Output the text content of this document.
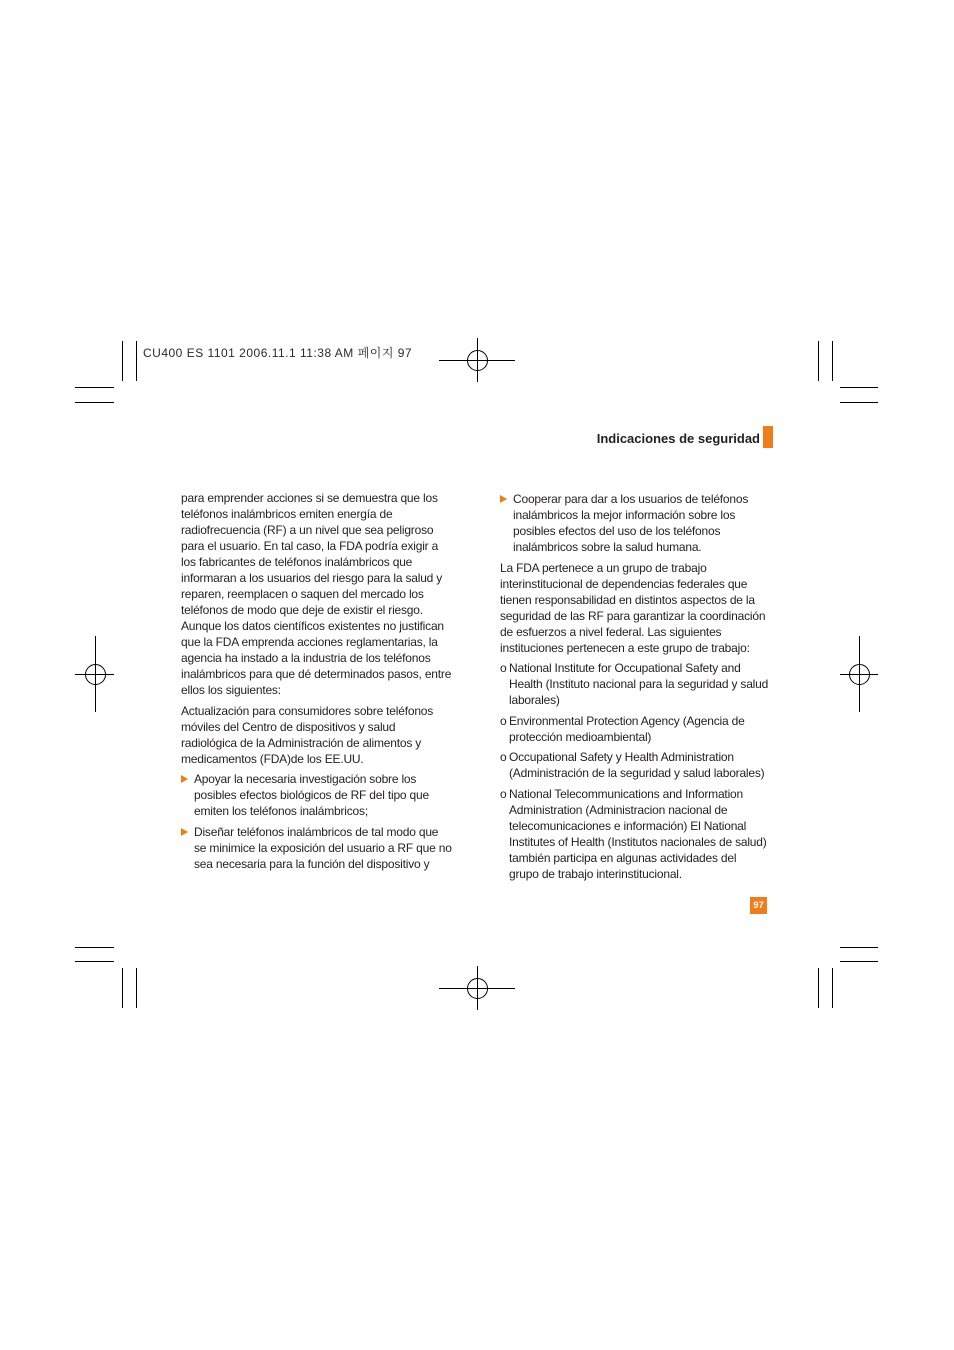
CU400 ES 1101 2006.11.1 11:38 AM 페이지 97
Indicaciones de seguridad
para emprender acciones si se demuestra que los
teléfonos inalámbricos emiten energía de
radiofrecuencia (RF) a un nivel que sea peligroso
para el usuario. En tal caso, la FDA podría exigir a
los fabricantes de teléfonos inalámbricos que
informaran a los usuarios del riesgo para la salud y
reparen, reemplacen o saquen del mercado los
teléfonos de modo que deje de existir el riesgo.
Aunque los datos científicos existentes no justifican
que la FDA emprenda acciones reglamentarias, la
agencia ha instado a la industria de los teléfonos
inalámbricos para que dé determinados pasos, entre
ellos los siguientes:
Actualización para consumidores sobre teléfonos
móviles del Centro de dispositivos y salud
radiológica de la Administración de alimentos y
medicamentos (FDA)de los EE.UU.
Apoyar la necesaria investigación sobre los
posibles efectos biológicos de RF del tipo que
emiten los teléfonos inalámbricos;
Diseñar teléfonos inalámbricos de tal modo que
se minimice la exposición del usuario a RF que no
sea necesaria para la función del dispositivo y
Cooperar para dar a los usuarios de teléfonos
inalámbricos la mejor información sobre los
posibles efectos del uso de los teléfonos
inalámbricos sobre la salud humana.
La FDA pertenece a un grupo de trabajo
interinstitucional de dependencias federales que
tienen responsabilidad en distintos aspectos de la
seguridad de las RF para garantizar la coordinación
de esfuerzos a nivel federal. Las siguientes
instituciones pertenecen a este grupo de trabajo:
o National Institute for Occupational Safety and
Health (Instituto nacional para la seguridad y salud
laborales)
o Environmental Protection Agency (Agencia de
protección medioambiental)
o Occupational Safety y Health Administration
(Administración de la seguridad y salud laborales)
o National Telecommunications and Information
Administration (Administracion nacional de
telecomunicaciones e información) El National
Institutes of Health (Institutos nacionales de salud)
también participa en algunas actividades del
grupo de trabajo interinstitucional.
97
